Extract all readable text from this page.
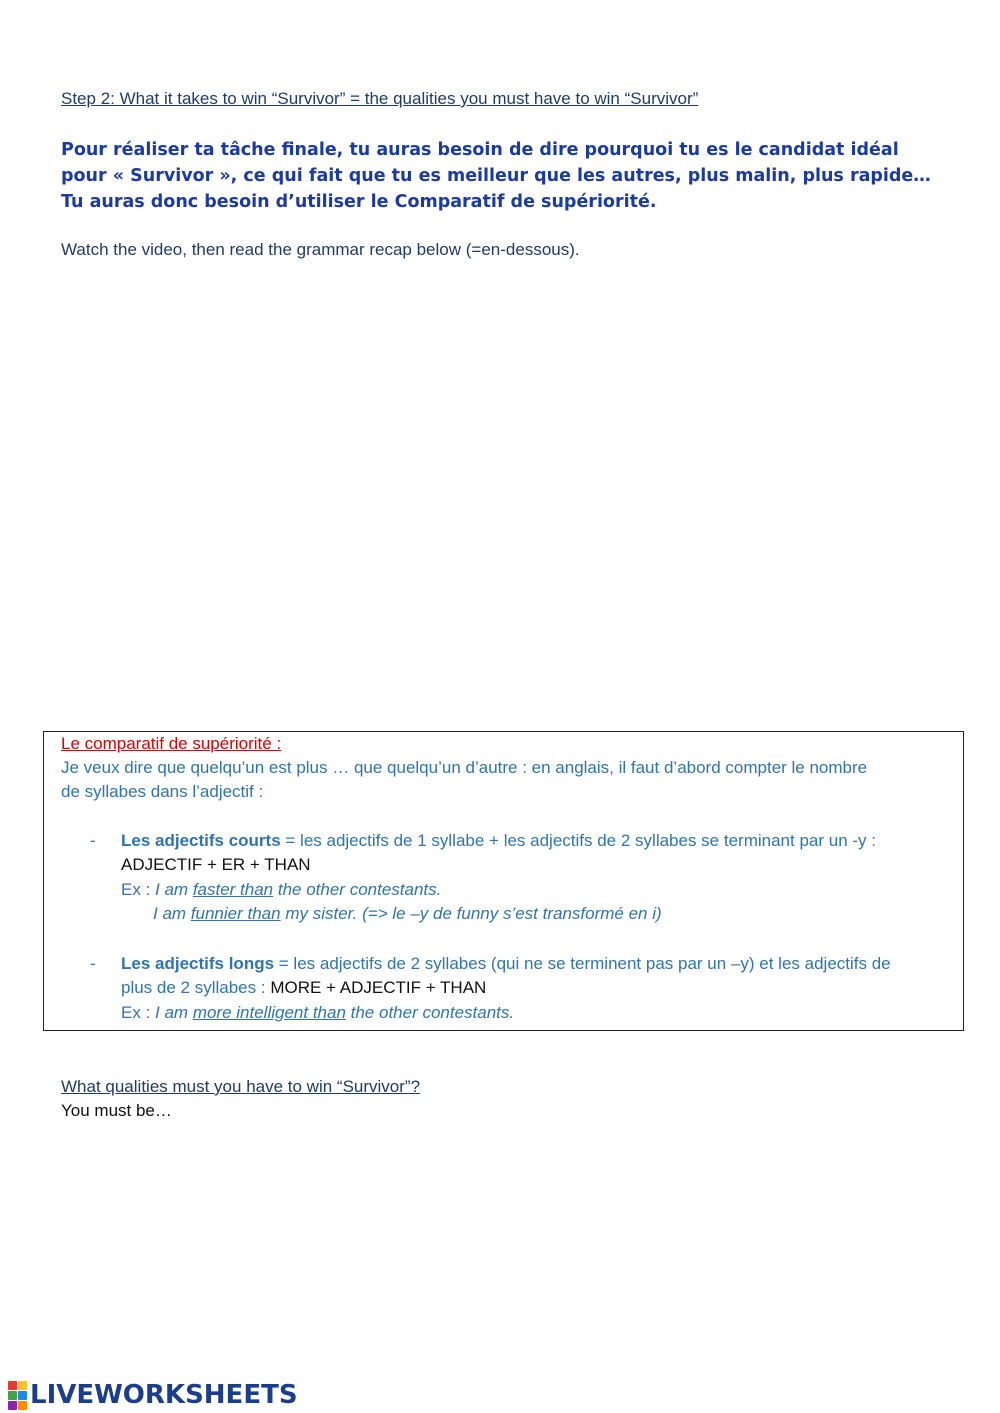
Step 2: What it takes to win “Survivor” = the qualities you must have to win “Survivor”
Pour réaliser ta tâche finale, tu auras besoin de dire pourquoi tu es le candidat idéal
pour « Survivor », ce qui fait que tu es meilleur que les autres, plus malin, plus rapide…
Tu auras donc besoin d’utiliser le Comparatif de supériorité.
Watch the video, then read the grammar recap below (=en-dessous).
Le comparatif de supériorité :
Je veux dire que quelqu’un est plus … que quelqu’un d’autre : en anglais, il faut d’abord compter le nombre
de syllabes dans l’adjectif :
- Les adjectifs courts = les adjectifs de 1 syllabe + les adjectifs de 2 syllabes se terminant par un -y :
ADJECTIF + ER + THAN
Ex : I am faster than the other contestants.
I am funnier than my sister. (=> le –y de funny s’est transformé en i)
- Les adjectifs longs = les adjectifs de 2 syllabes (qui ne se terminent pas par un –y) et les adjectifs de
plus de 2 syllabes : MORE + ADJECTIF + THAN
Ex : I am more intelligent than the other contestants.
What qualities must you have to win “Survivor”?
You must be…
LIVEWORKSHEETS
